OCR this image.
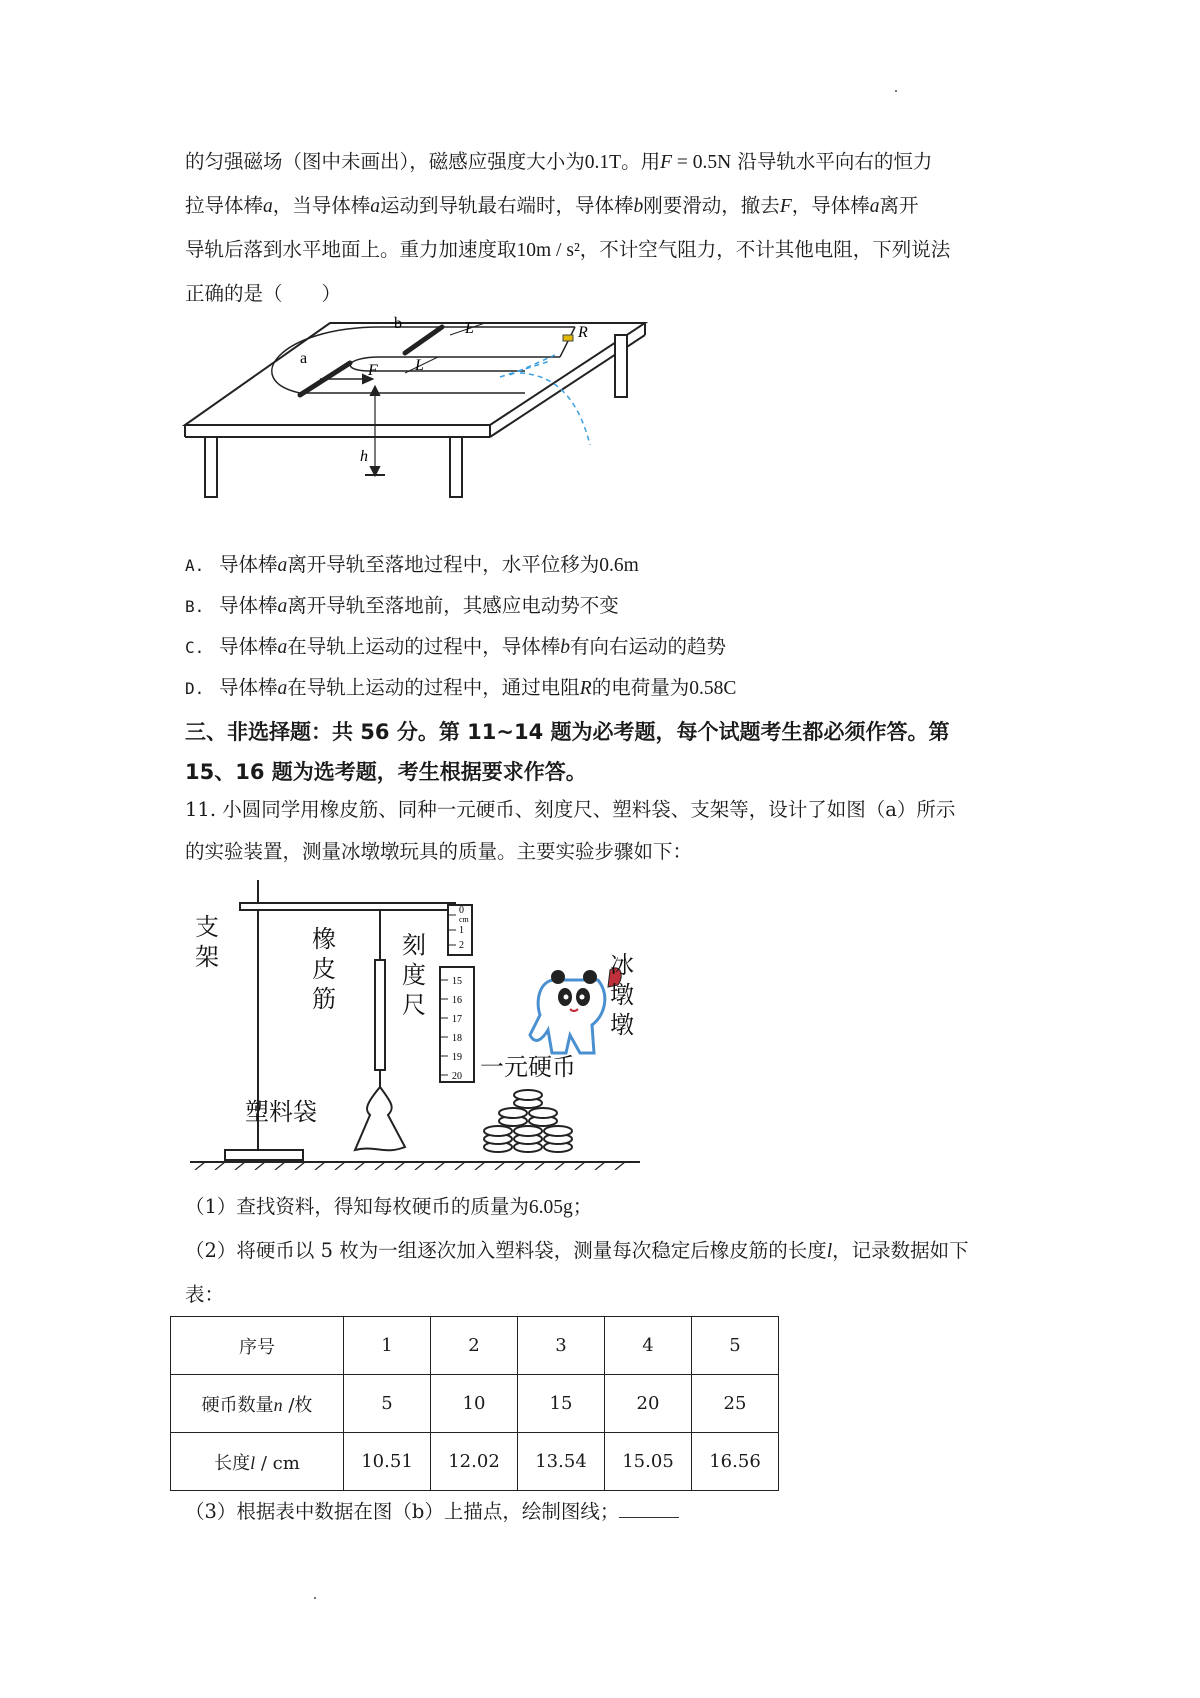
的匀强磁场（图中未画出），磁感应强度大小为0.1T。用F = 0.5N 沿导轨水平向右的恒力

拉导体棒a，当导体棒a运动到导轨最右端时，导体棒b刚要滑动，撤去F，导体棒a离开

导轨后落到水平地面上。重力加速度取10m / s²，不计空气阻力，不计其他电阻，下列说法

正确的是（　　）

a
b
F
L
L
R
h

A. 导体棒a离开导轨至落地过程中，水平位移为0.6m

B. 导体棒a离开导轨至落地前，其感应电动势不变

C. 导体棒a在导轨上运动的过程中，导体棒b有向右运动的趋势

D. 导体棒a在导轨上运动的过程中，通过电阻R的电荷量为0.58C

三、非选择题：共 56 分。第 11~14 题为必考题，每个试题考生都必须作答。第

15、16 题为选考题，考生根据要求作答。

11. 小圆同学用橡皮筋、同种一元硬币、刻度尺、塑料袋、支架等，设计了如图（a）所示

的实验装置，测量冰墩墩玩具的质量。主要实验步骤如下：

0
cm
1
2
15
16
17
18
19
20
支
架
橡
皮
筋
刻
度
尺
冰
墩
墩
一元硬币
塑料袋

（1）查找资料，得知每枚硬币的质量为6.05g；

（2）将硬币以 5 枚为一组逐次加入塑料袋，测量每次稳定后橡皮筋的长度l，记录数据如下

表：

序号	1	2	3	4	5
硬币数量n /枚	5	10	15	20	25
长度l / cm	10.51	12.02	13.54	15.05	16.56

（3）根据表中数据在图（b）上描点，绘制图线；
